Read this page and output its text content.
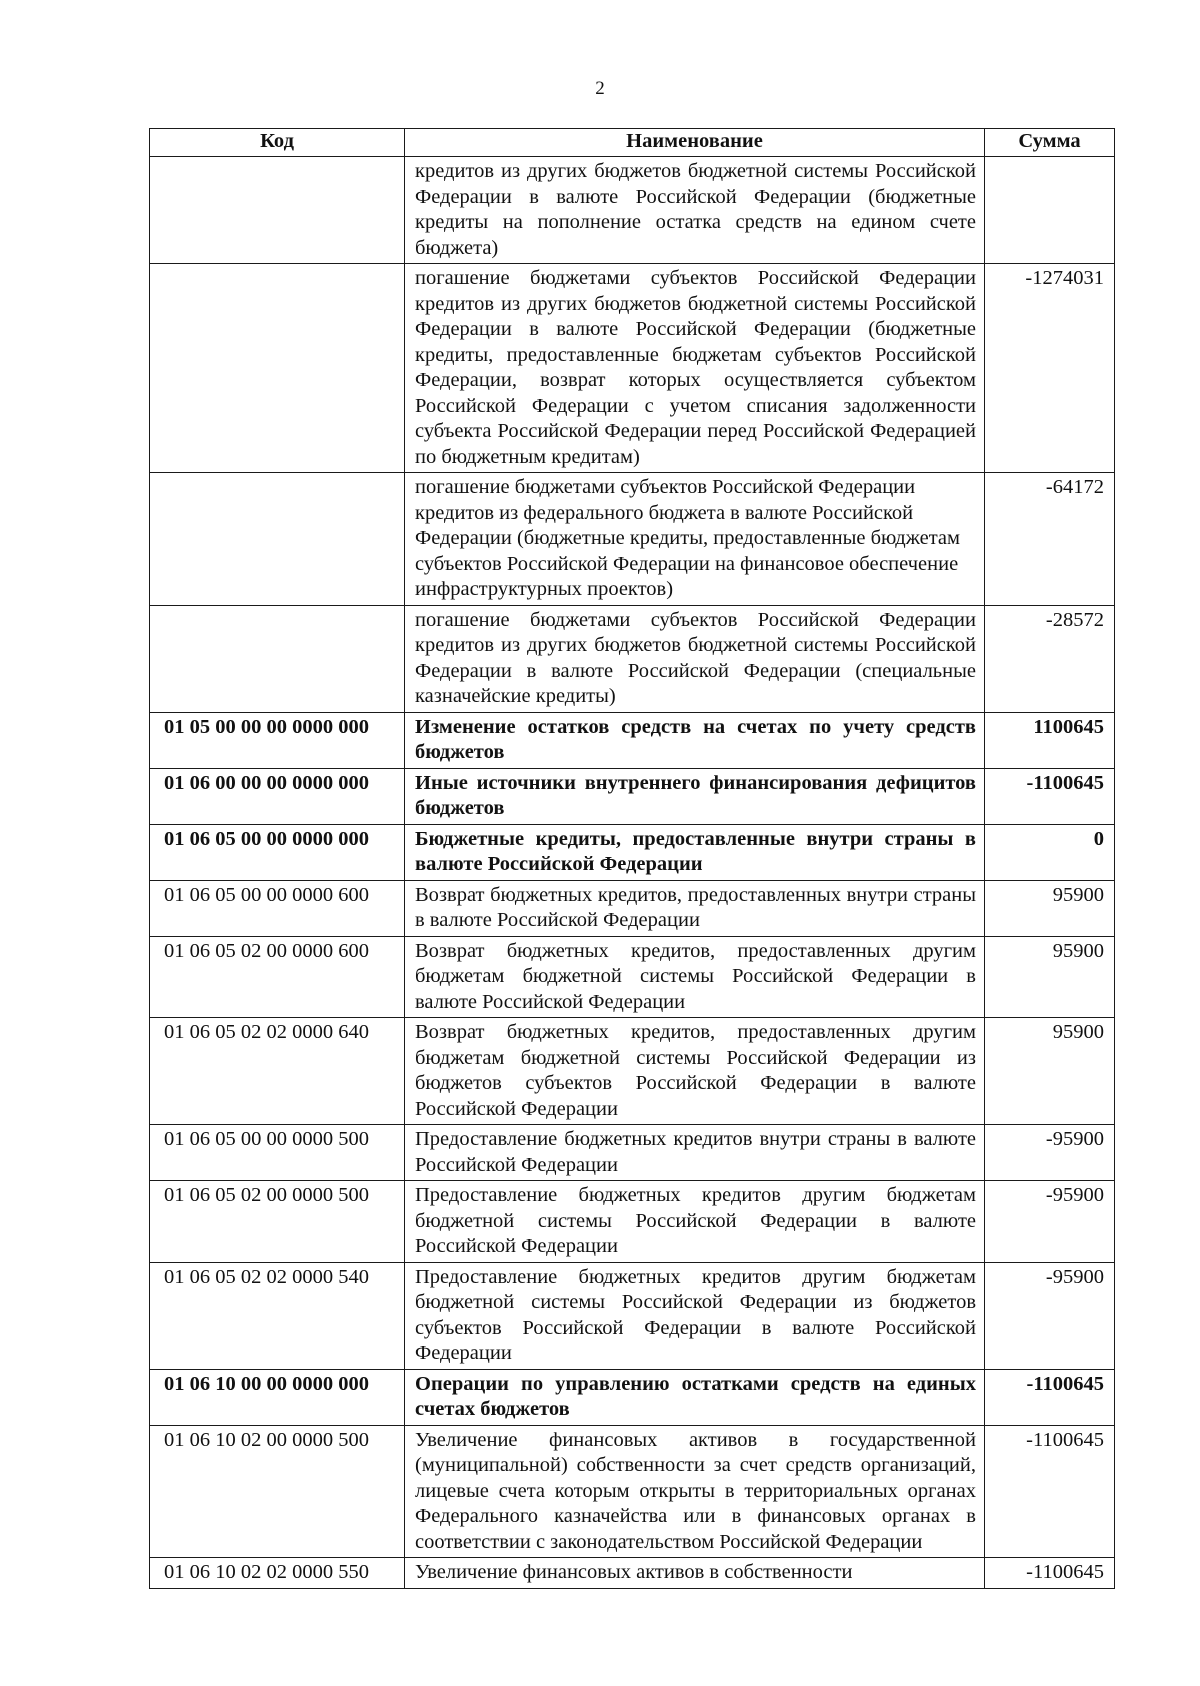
2
Код	Наименование	Сумма
	кредитов из других бюджетов бюджетной системы Российской Федерации в валюте Российской Федерации (бюджетные кредиты на пополнение остатка средств на едином счете бюджета)	
	погашение бюджетами субъектов Российской Федерации кредитов из других бюджетов бюджетной системы Российской Федерации в валюте Российской Федерации (бюджетные кредиты, предоставленные бюджетам субъектов Российской Федерации, возврат которых осуществляется субъектом Российской Федерации с учетом списания задолженности субъекта Российской Федерации перед Российской Федерацией по бюджетным кредитам)	-1274031
	погашение бюджетами субъектов Российской Федерации кредитов из федерального бюджета в валюте Российской Федерации (бюджетные кредиты, предоставленные бюджетам субъектов Российской Федерации на финансовое обеспечение инфраструктурных проектов)	-64172
	погашение бюджетами субъектов Российской Федерации кредитов из других бюджетов бюджетной системы Российской Федерации в валюте Российской Федерации (специальные казначейские кредиты)	-28572
01 05 00 00 00 0000 000	Изменение остатков средств на счетах по учету средств бюджетов	1100645
01 06 00 00 00 0000 000	Иные источники внутреннего финансирования дефицитов бюджетов	-1100645
01 06 05 00 00 0000 000	Бюджетные кредиты, предоставленные внутри страны в валюте Российской Федерации	0
01 06 05 00 00 0000 600	Возврат бюджетных кредитов, предоставленных внутри страны в валюте Российской Федерации	95900
01 06 05 02 00 0000 600	Возврат бюджетных кредитов, предоставленных другим бюджетам бюджетной системы Российской Федерации в валюте Российской Федерации	95900
01 06 05 02 02 0000 640	Возврат бюджетных кредитов, предоставленных другим бюджетам бюджетной системы Российской Федерации из бюджетов субъектов Российской Федерации в валюте Российской Федерации	95900
01 06 05 00 00 0000 500	Предоставление бюджетных кредитов внутри страны в валюте Российской Федерации	-95900
01 06 05 02 00 0000 500	Предоставление бюджетных кредитов другим бюджетам бюджетной системы Российской Федерации в валюте Российской Федерации	-95900
01 06 05 02 02 0000 540	Предоставление бюджетных кредитов другим бюджетам бюджетной системы Российской Федерации из бюджетов субъектов Российской Федерации в валюте Российской Федерации	-95900
01 06 10 00 00 0000 000	Операции по управлению остатками средств на единых счетах бюджетов	-1100645
01 06 10 02 00 0000 500	Увеличение финансовых активов в государственной (муниципальной) собственности за счет средств организаций, лицевые счета которым открыты в территориальных органах Федерального казначейства или в финансовых органах в соответствии с законодательством Российской Федерации	-1100645
01 06 10 02 02 0000 550	Увеличение финансовых активов в собственности	-1100645
